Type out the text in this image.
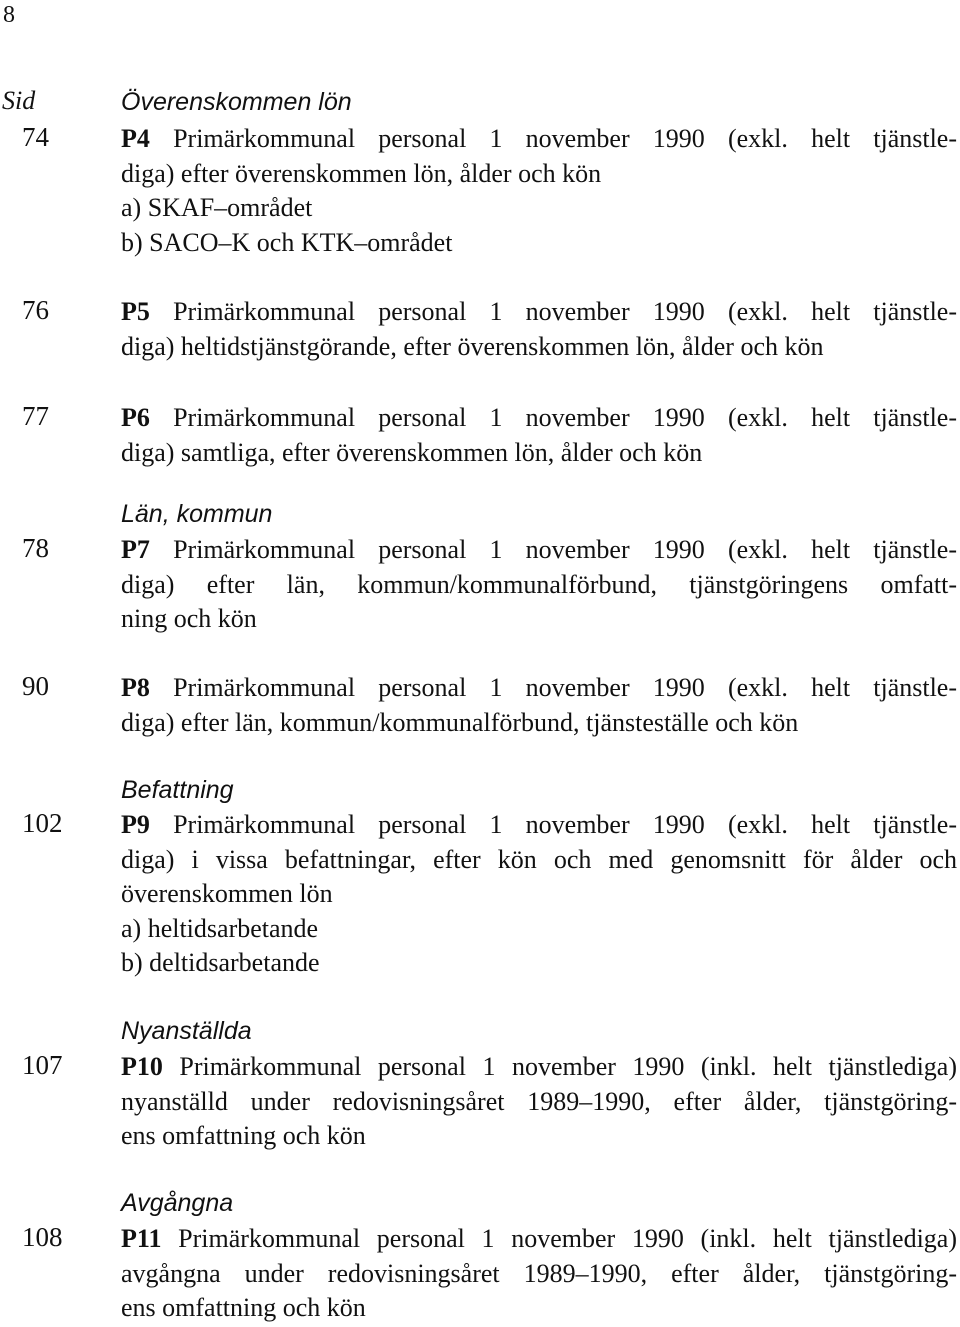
8
Sid	Överenskommen lön
74	P4 Primärkommunal personal 1 november 1990 (exkl. helt tjänstle-
diga) efter överenskommen lön, ålder och kön
a) SKAF–området
b) SACO–K och KTK–området
76	P5 Primärkommunal personal 1 november 1990 (exkl. helt tjänstle-
diga) heltidstjänstgörande, efter överenskommen lön, ålder och kön
77	P6 Primärkommunal personal 1 november 1990 (exkl. helt tjänstle-
diga) samtliga, efter överenskommen lön, ålder och kön
Län, kommun
78	P7 Primärkommunal personal 1 november 1990 (exkl. helt tjänstle-
diga) efter län, kommun/kommunalförbund, tjänstgöringens omfatt-
ning och kön
90	P8 Primärkommunal personal 1 november 1990 (exkl. helt tjänstle-
diga) efter län, kommun/kommunalförbund, tjänsteställe och kön
Befattning
102 P9 Primärkommunal personal 1 november 1990 (exkl. helt tjänstle-
diga) i vissa befattningar, efter kön och med genomsnitt för ålder och
överenskommen lön
a) heltidsarbetande
b) deltidsarbetande
Nyanställda
107 P10 Primärkommunal personal 1 november 1990 (inkl. helt tjänstlediga)
nyanställd under redovisningsåret 1989–1990, efter ålder, tjänstgöring-
ens omfattning och kön
Avgångna
108 P11 Primärkommunal personal 1 november 1990 (inkl. helt tjänstlediga)
avgångna under redovisningsåret 1989–1990, efter ålder, tjänstgöring-
ens omfattning och kön
